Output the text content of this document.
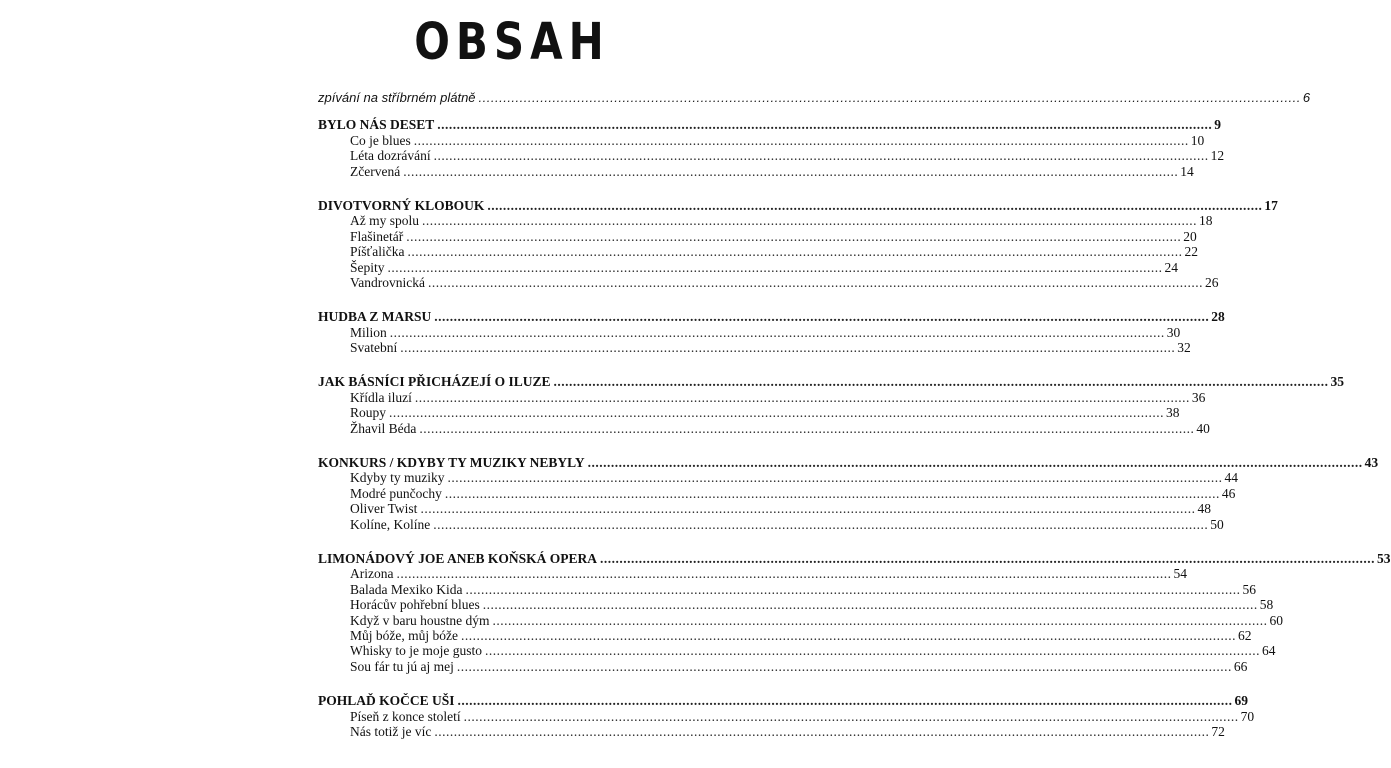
OBSAH
zpívání na stříbrném plátně ........................................................................................................................................................................................................ 6
BYLO NÁS DESET ........................................................................................................................................................................................................ 9
Co je blues ........................................................................................................................................................................................................ 10
Léta dozrávání ........................................................................................................................................................................................................ 12
Zčervená ........................................................................................................................................................................................................ 14
DIVOTVORNÝ KLOBOUK ........................................................................................................................................................................................................ 17
Až my spolu ........................................................................................................................................................................................................ 18
Flašinetář ........................................................................................................................................................................................................ 20
Píšťalička ........................................................................................................................................................................................................ 22
Šepity ........................................................................................................................................................................................................ 24
Vandrovnická ........................................................................................................................................................................................................ 26
HUDBA Z MARSU ........................................................................................................................................................................................................ 28
Milion ........................................................................................................................................................................................................ 30
Svatební ........................................................................................................................................................................................................ 32
JAK BÁSNÍCI PŘICHÁZEJÍ O ILUZE ........................................................................................................................................................................................................ 35
Křídla iluzí ........................................................................................................................................................................................................ 36
Roupy ........................................................................................................................................................................................................ 38
Žhavil Béda ........................................................................................................................................................................................................ 40
KONKURS / KDYBY TY MUZIKY NEBYLY ........................................................................................................................................................................................................ 43
Kdyby ty muziky ........................................................................................................................................................................................................ 44
Modré punčochy ........................................................................................................................................................................................................ 46
Oliver Twist ........................................................................................................................................................................................................ 48
Kolíne, Kolíne ........................................................................................................................................................................................................ 50
LIMONÁDOVÝ JOE ANEB KOŇSKÁ OPERA ........................................................................................................................................................................................................ 53
Arizona ........................................................................................................................................................................................................ 54
Balada Mexiko Kida ........................................................................................................................................................................................................ 56
Horácův pohřební blues ........................................................................................................................................................................................................ 58
Když v baru houstne dým ........................................................................................................................................................................................................ 60
Můj bóže, můj bóže ........................................................................................................................................................................................................ 62
Whisky to je moje gusto ........................................................................................................................................................................................................ 64
Sou fár tu jú aj mej ........................................................................................................................................................................................................ 66
POHLAĎ KOČCE UŠI ........................................................................................................................................................................................................ 69
Píseň z konce století ........................................................................................................................................................................................................ 70
Nás totiž je víc ........................................................................................................................................................................................................ 72
